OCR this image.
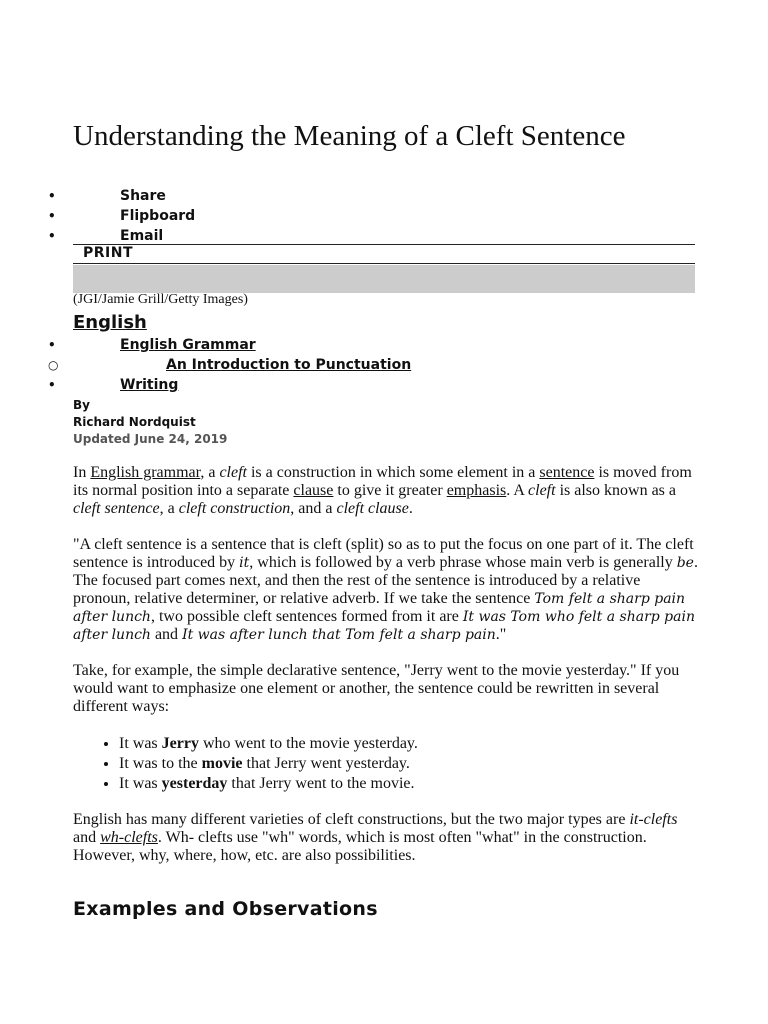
Understanding the Meaning of a Cleft Sentence
•	Share
•	Flipboard
•	Email
PRINT
(JGI/Jamie Grill/Getty Images)
English
•	English Grammar
○	An Introduction to Punctuation
•	Writing
By
Richard Nordquist
Updated June 24, 2019

In English grammar, a cleft is a construction in which some element in a sentence is moved from its normal position into a separate clause to give it greater emphasis. A cleft is also known as a cleft sentence, a cleft construction, and a cleft clause.

"A cleft sentence is a sentence that is cleft (split) so as to put the focus on one part of it. The cleft sentence is introduced by it, which is followed by a verb phrase whose main verb is generally be. The focused part comes next, and then the rest of the sentence is introduced by a relative pronoun, relative determiner, or relative adverb. If we take the sentence Tom felt a sharp pain after lunch, two possible cleft sentences formed from it are It was Tom who felt a sharp pain after lunch and It was after lunch that Tom felt a sharp pain."

Take, for example, the simple declarative sentence, "Jerry went to the movie yesterday." If you would want to emphasize one element or another, the sentence could be rewritten in several different ways:

• It was Jerry who went to the movie yesterday.
• It was to the movie that Jerry went yesterday.
• It was yesterday that Jerry went to the movie.

English has many different varieties of cleft constructions, but the two major types are it-clefts and wh-clefts. Wh- clefts use "wh" words, which is most often "what" in the construction. However, why, where, how, etc. are also possibilities.

Examples and Observations
